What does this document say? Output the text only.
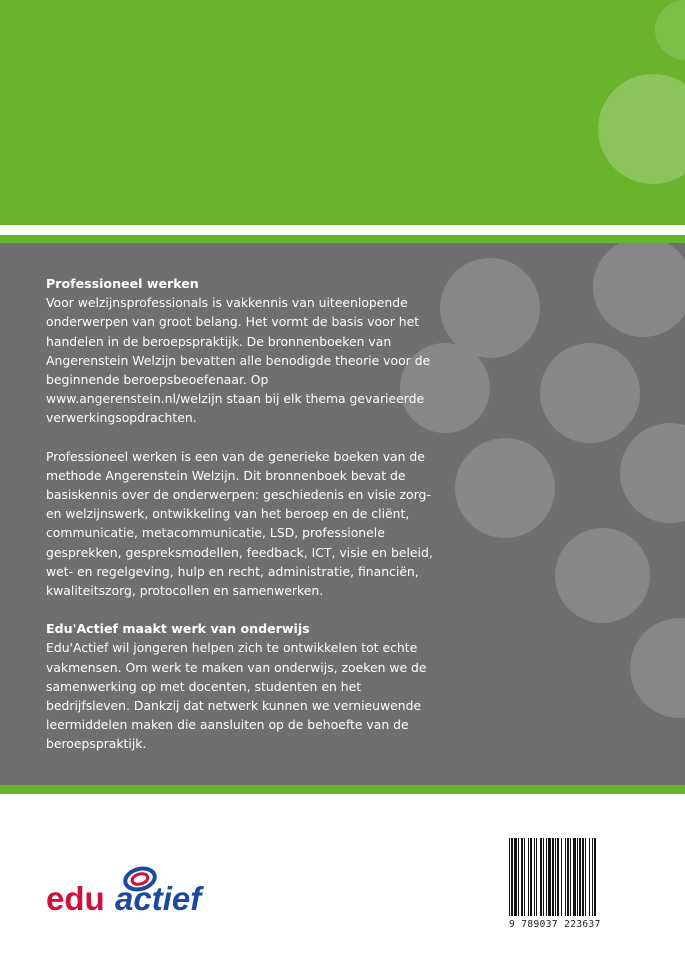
Professioneel werken

Voor welzijnsprofessionals is vakkennis van uiteenlopende onderwerpen van groot belang. Het vormt de basis voor het handelen in de beroepspraktijk. De bronnenboeken van Angerenstein Welzijn bevatten alle benodigde theorie voor de beginnende beroepsbeoefenaar. Op www.angerenstein.nl/welzijn staan bij elk thema gevarieerde verwerkingsopdrachten.

Professioneel werken is een van de generieke boeken van de methode Angerenstein Welzijn. Dit bronnenboek bevat de basiskennis over de onderwerpen: geschiedenis en visie zorg- en welzijnswerk, ontwikkeling van het beroep en de cliënt, communicatie, metacommunicatie, LSD, professionele gesprekken, gespreksmodellen, feedback, ICT, visie en beleid, wet- en regelgeving, hulp en recht, administratie, financiën, kwaliteitszorg, protocollen en samenwerken.

Edu'Actief maakt werk van onderwijs

Edu'Actief wil jongeren helpen zich te ontwikkelen tot echte vakmensen. Om werk te maken van onderwijs, zoeken we de samenwerking op met docenten, studenten en het bedrijfsleven. Dankzij dat netwerk kunnen we vernieuwende leermiddelen maken die aansluiten op de behoefte van de beroepspraktijk.

edu actief
9 789037 223637
